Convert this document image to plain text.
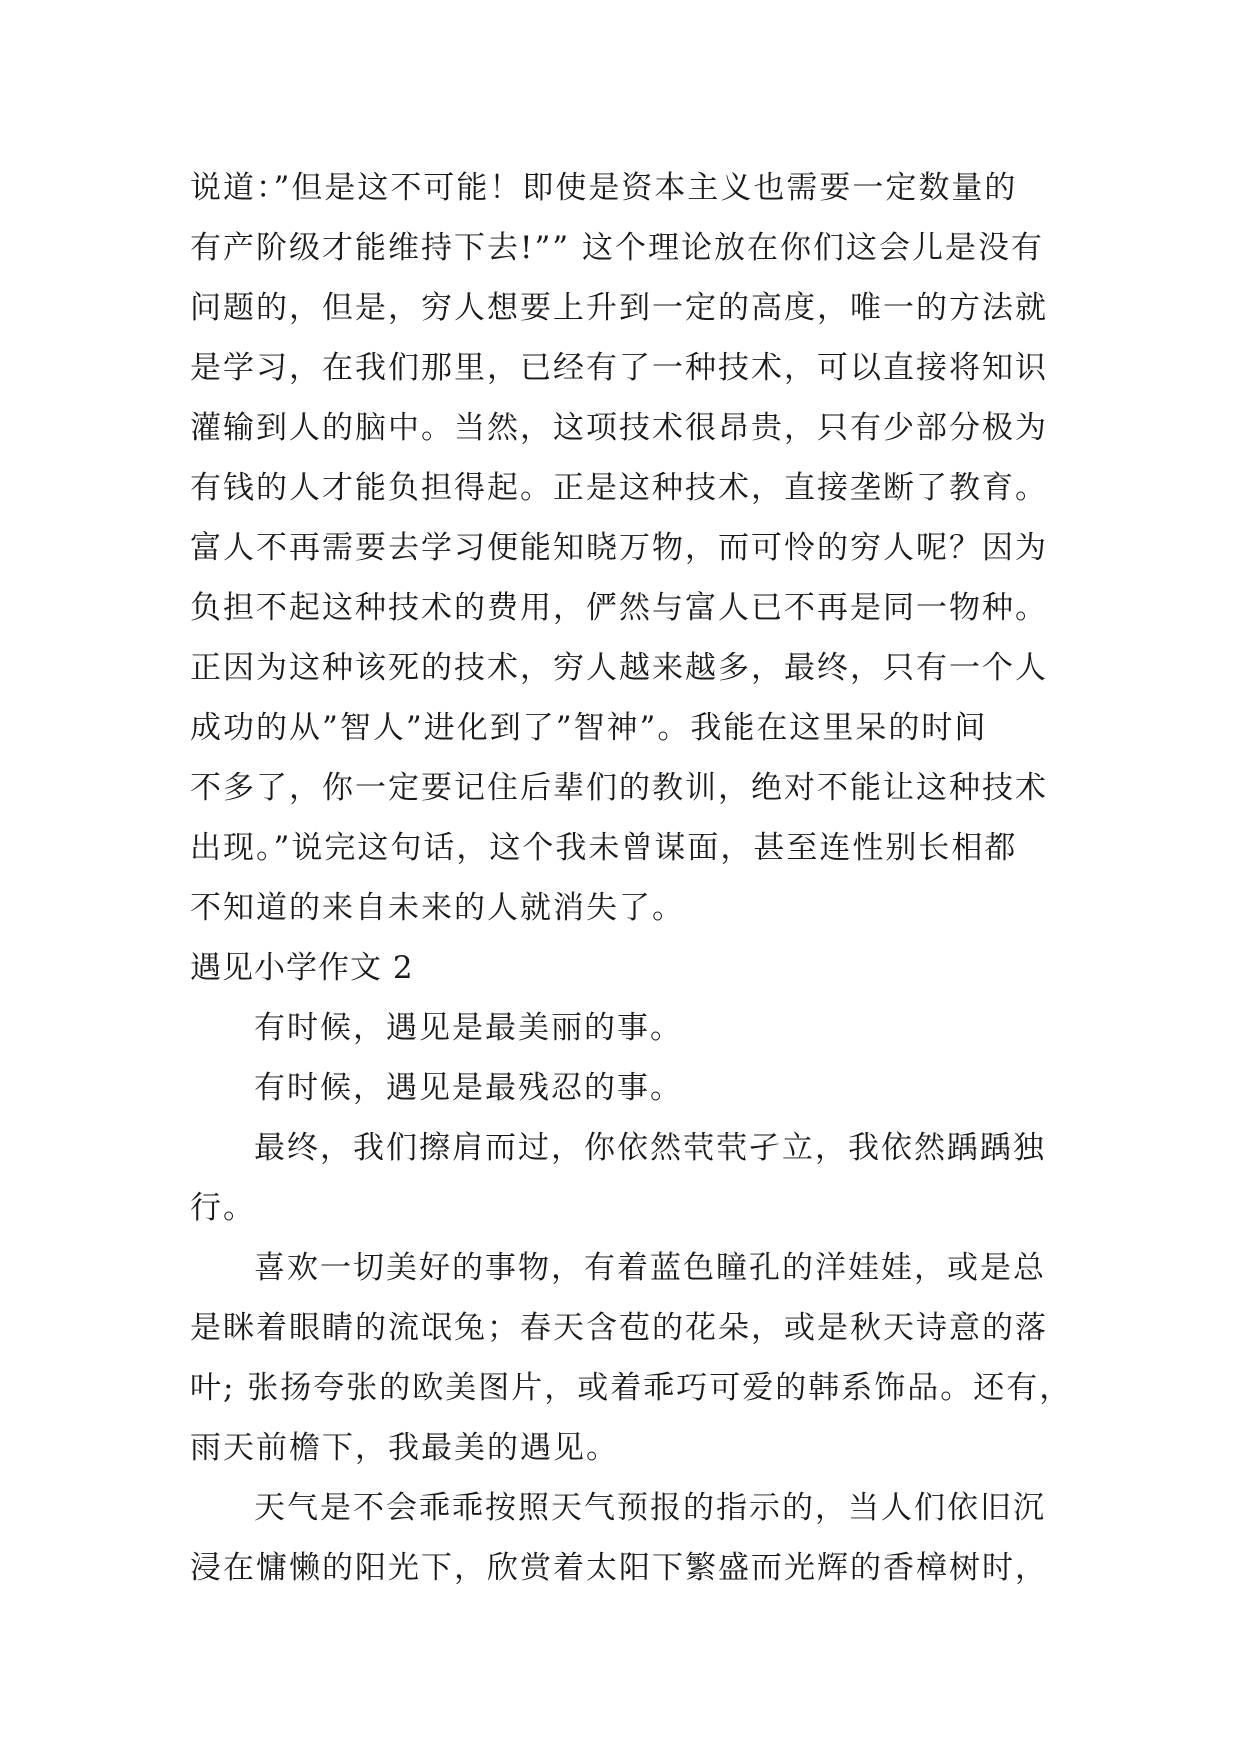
说道：”但是这不可能！即使是资本主义也需要一定数量的
有产阶级才能维持下去!”” 这个理论放在你们这会儿是没有
问题的，但是，穷人想要上升到一定的高度，唯一的方法就
是学习，在我们那里，已经有了一种技术，可以直接将知识
灌输到人的脑中。当然，这项技术很昂贵，只有少部分极为
有钱的人才能负担得起。正是这种技术，直接垄断了教育。
富人不再需要去学习便能知晓万物，而可怜的穷人呢？因为
负担不起这种技术的费用，俨然与富人已不再是同一物种。
正因为这种该死的技术，穷人越来越多，最终，只有一个人
成功的从”智人”进化到了”智神”。我能在这里呆的时间
不多了，你一定要记住后辈们的教训，绝对不能让这种技术
出现。”说完这句话，这个我未曾谋面，甚至连性别长相都
不知道的来自未来的人就消失了。
遇见小学作文 2
有时候，遇见是最美丽的事。
有时候，遇见是最残忍的事。
最终，我们擦肩而过，你依然茕茕孑立，我依然踽踽独
行。
喜欢一切美好的事物，有着蓝色瞳孔的洋娃娃，或是总
是眯着眼睛的流氓兔；春天含苞的花朵，或是秋天诗意的落
叶; 张扬夸张的欧美图片，或着乖巧可爱的韩系饰品。还有，
雨天前檐下，我最美的遇见。
天气是不会乖乖按照天气预报的指示的，当人们依旧沉
浸在慵懒的阳光下，欣赏着太阳下繁盛而光辉的香樟树时，
